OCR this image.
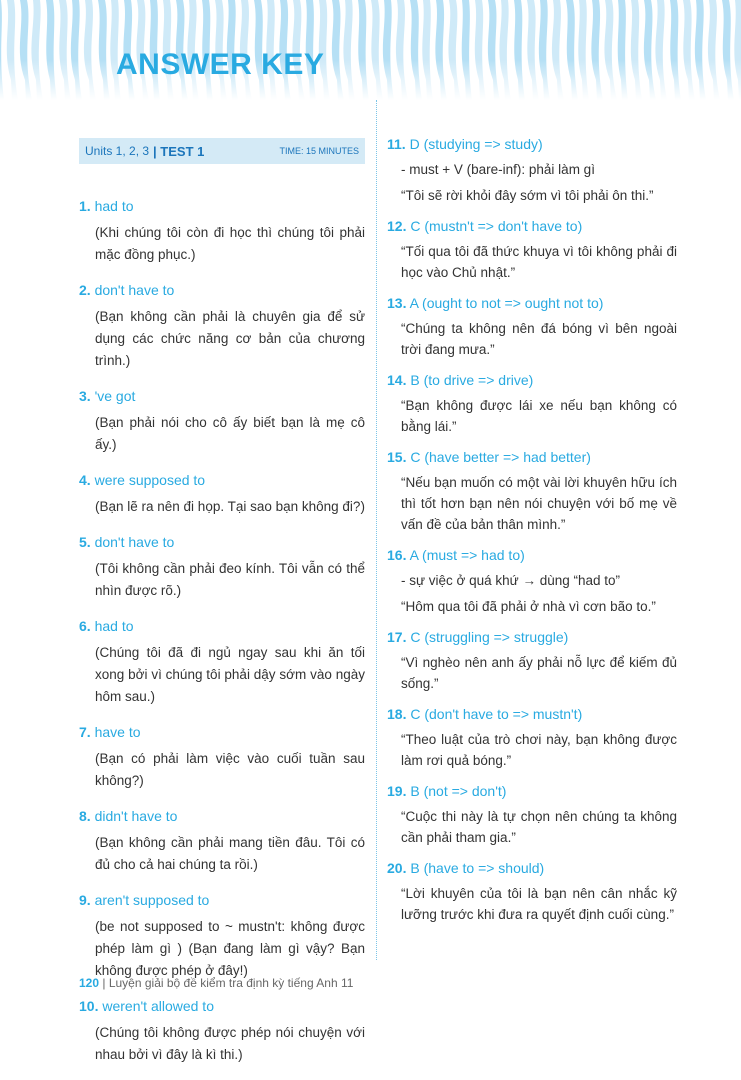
ANSWER KEY
Units 1, 2, 3 | TEST 1	TIME: 15 MINUTES
1. had to
(Khi chúng tôi còn đi học thì chúng tôi phải mặc đồng phục.)
2. don't have to
(Bạn không cần phải là chuyên gia để sử dụng các chức năng cơ bản của chương trình.)
3. 've got
(Bạn phải nói cho cô ấy biết bạn là mẹ cô ấy.)
4. were supposed to
(Bạn lẽ ra nên đi họp. Tại sao bạn không đi?)
5. don't have to
(Tôi không cần phải đeo kính. Tôi vẫn có thể nhìn được rõ.)
6. had to
(Chúng tôi đã đi ngủ ngay sau khi ăn tối xong bởi vì chúng tôi phải dậy sớm vào ngày hôm sau.)
7. have to
(Bạn có phải làm việc vào cuối tuần sau không?)
8. didn't have to
(Bạn không cần phải mang tiền đâu. Tôi có đủ cho cả hai chúng ta rồi.)
9. aren't supposed to
(be not supposed to ~ mustn't: không được phép làm gì ) (Bạn đang làm gì vậy? Bạn không được phép ở đây!)
10. weren't allowed to
(Chúng tôi không được phép nói chuyện với nhau bởi vì đây là kì thi.)
11. D (studying => study)
- must + V (bare-inf): phải làm gì
“Tôi sẽ rời khỏi đây sớm vì tôi phải ôn thi.”
12. C (mustn't => don't have to)
“Tối qua tôi đã thức khuya vì tôi không phải đi học vào Chủ nhật.”
13. A (ought to not => ought not to)
“Chúng ta không nên đá bóng vì bên ngoài trời đang mưa.”
14. B (to drive => drive)
“Bạn không được lái xe nếu bạn không có bằng lái.”
15. C (have better => had better)
“Nếu bạn muốn có một vài lời khuyên hữu ích thì tốt hơn bạn nên nói chuyện với bố mẹ về vấn đề của bản thân mình.”
16. A (must => had to)
- sự việc ở quá khứ → dùng “had to”
“Hôm qua tôi đã phải ở nhà vì cơn bão to.”
17. C (struggling => struggle)
“Vì nghèo nên anh ấy phải nỗ lực để kiếm đủ sống.”
18. C (don't have to => mustn't)
“Theo luật của trò chơi này, bạn không được làm rơi quả bóng.”
19. B (not => don't)
“Cuộc thi này là tự chọn nên chúng ta không cần phải tham gia.”
20. B (have to => should)
“Lời khuyên của tôi là bạn nên cân nhắc kỹ lưỡng trước khi đưa ra quyết định cuối cùng.”
120 | Luyện giải bộ đề kiểm tra định kỳ tiếng Anh 11
